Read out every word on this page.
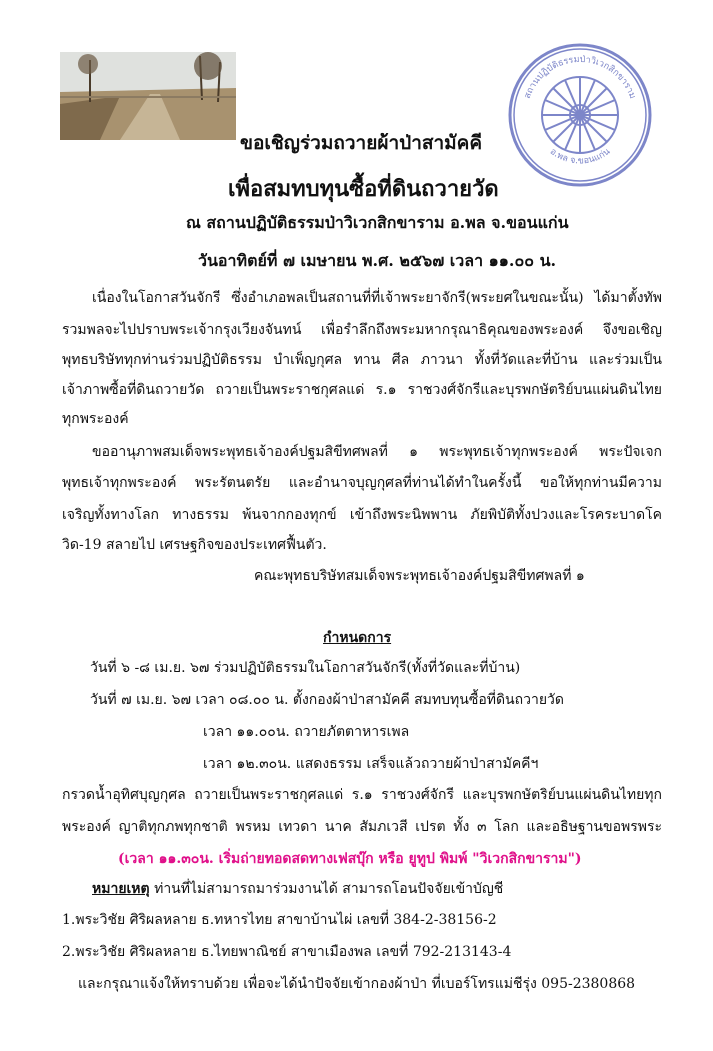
สถานปฏิบัติธรรมป่าวิเวกสิกขาราม
อ.พล จ.ขอนแก่น
ขอเชิญร่วมถวายผ้าป่าสามัคคี
เพื่อสมทบทุนซื้อที่ดินถวายวัด
ณ สถานปฏิบัติธรรมป่าวิเวกสิกขาราม อ.พล จ.ขอนแก่น
วันอาทิตย์ที่ ๗ เมษายน พ.ศ. ๒๕๖๗ เวลา ๑๑.๐๐ น.
เนื่องในโอกาสวันจักรี ซึ่งอำเภอพลเป็นสถานที่ที่เจ้าพระยาจักรี(พระยศในขณะนั้น) ได้มาตั้งทัพ
รวมพลจะไปปราบพระเจ้ากรุงเวียงจันทน์ เพื่อรำลึกถึงพระมหากรุณาธิคุณของพระองค์ จึงขอเชิญ
พุทธบริษัททุกท่านร่วมปฏิบัติธรรม บำเพ็ญกุศล ทาน ศีล ภาวนา ทั้งที่วัดและที่บ้าน และร่วมเป็น
เจ้าภาพซื้อที่ดินถวายวัด ถวายเป็นพระราชกุศลแด่ ร.๑ ราชวงศ์จักรีและบุรพกษัตริย์บนแผ่นดินไทย
ทุกพระองค์
ขออานุภาพสมเด็จพระพุทธเจ้าองค์ปฐมสิขีทศพลที่ ๑ พระพุทธเจ้าทุกพระองค์ พระปัจเจก
พุทธเจ้าทุกพระองค์ พระรัตนตรัย และอำนาจบุญกุศลที่ท่านได้ทำในครั้งนี้ ขอให้ทุกท่านมีความ
เจริญทั้งทางโลก ทางธรรม พ้นจากกองทุกข์ เข้าถึงพระนิพพาน ภัยพิบัติทั้งปวงและโรคระบาดโค
วิด-19 สลายไป เศรษฐกิจของประเทศฟื้นตัว.
คณะพุทธบริษัทสมเด็จพระพุทธเจ้าองค์ปฐมสิขีทศพลที่ ๑
กำหนดการ
วันที่ ๖ -๘ เม.ย. ๖๗ ร่วมปฏิบัติธรรมในโอกาสวันจักรี(ทั้งที่วัดและที่บ้าน)
วันที่ ๗ เม.ย. ๖๗ เวลา ๐๘.๐๐ น. ตั้งกองผ้าป่าสามัคคี สมทบทุนซื้อที่ดินถวายวัด
เวลา ๑๑.๐๐น. ถวายภัตตาหารเพล
เวลา ๑๒.๓๐น. แสดงธรรม เสร็จแล้วถวายผ้าป่าสามัคคีฯ
กรวดน้ำอุทิศบุญกุศล ถวายเป็นพระราชกุศลแด่ ร.๑ ราชวงศ์จักรี และบุรพกษัตริย์บนแผ่นดินไทยทุก
พระองค์ ญาติทุกภพทุกชาติ พรหม เทวดา นาค สัมภเวสี เปรต ทั้ง ๓ โลก และอธิษฐานขอพรพระ
(เวลา ๑๑.๓๐น. เริ่มถ่ายทอดสดทางเฟสบุ๊ก หรือ ยูทูป พิมพ์ "วิเวกสิกขาราม")
หมายเหตุ ท่านที่ไม่สามารถมาร่วมงานได้ สามารถโอนปัจจัยเข้าบัญชี
1.พระวิชัย ศิริผลหลาย ธ.ทหารไทย สาขาบ้านไผ่ เลขที่ 384-2-38156-2
2.พระวิชัย ศิริผลหลาย ธ.ไทยพาณิชย์ สาขาเมืองพล เลขที่ 792-213143-4
และกรุณาแจ้งให้ทราบด้วย เพื่อจะได้นำปัจจัยเข้ากองผ้าป่า ที่เบอร์โทรแม่ชีรุ่ง 095-2380868
